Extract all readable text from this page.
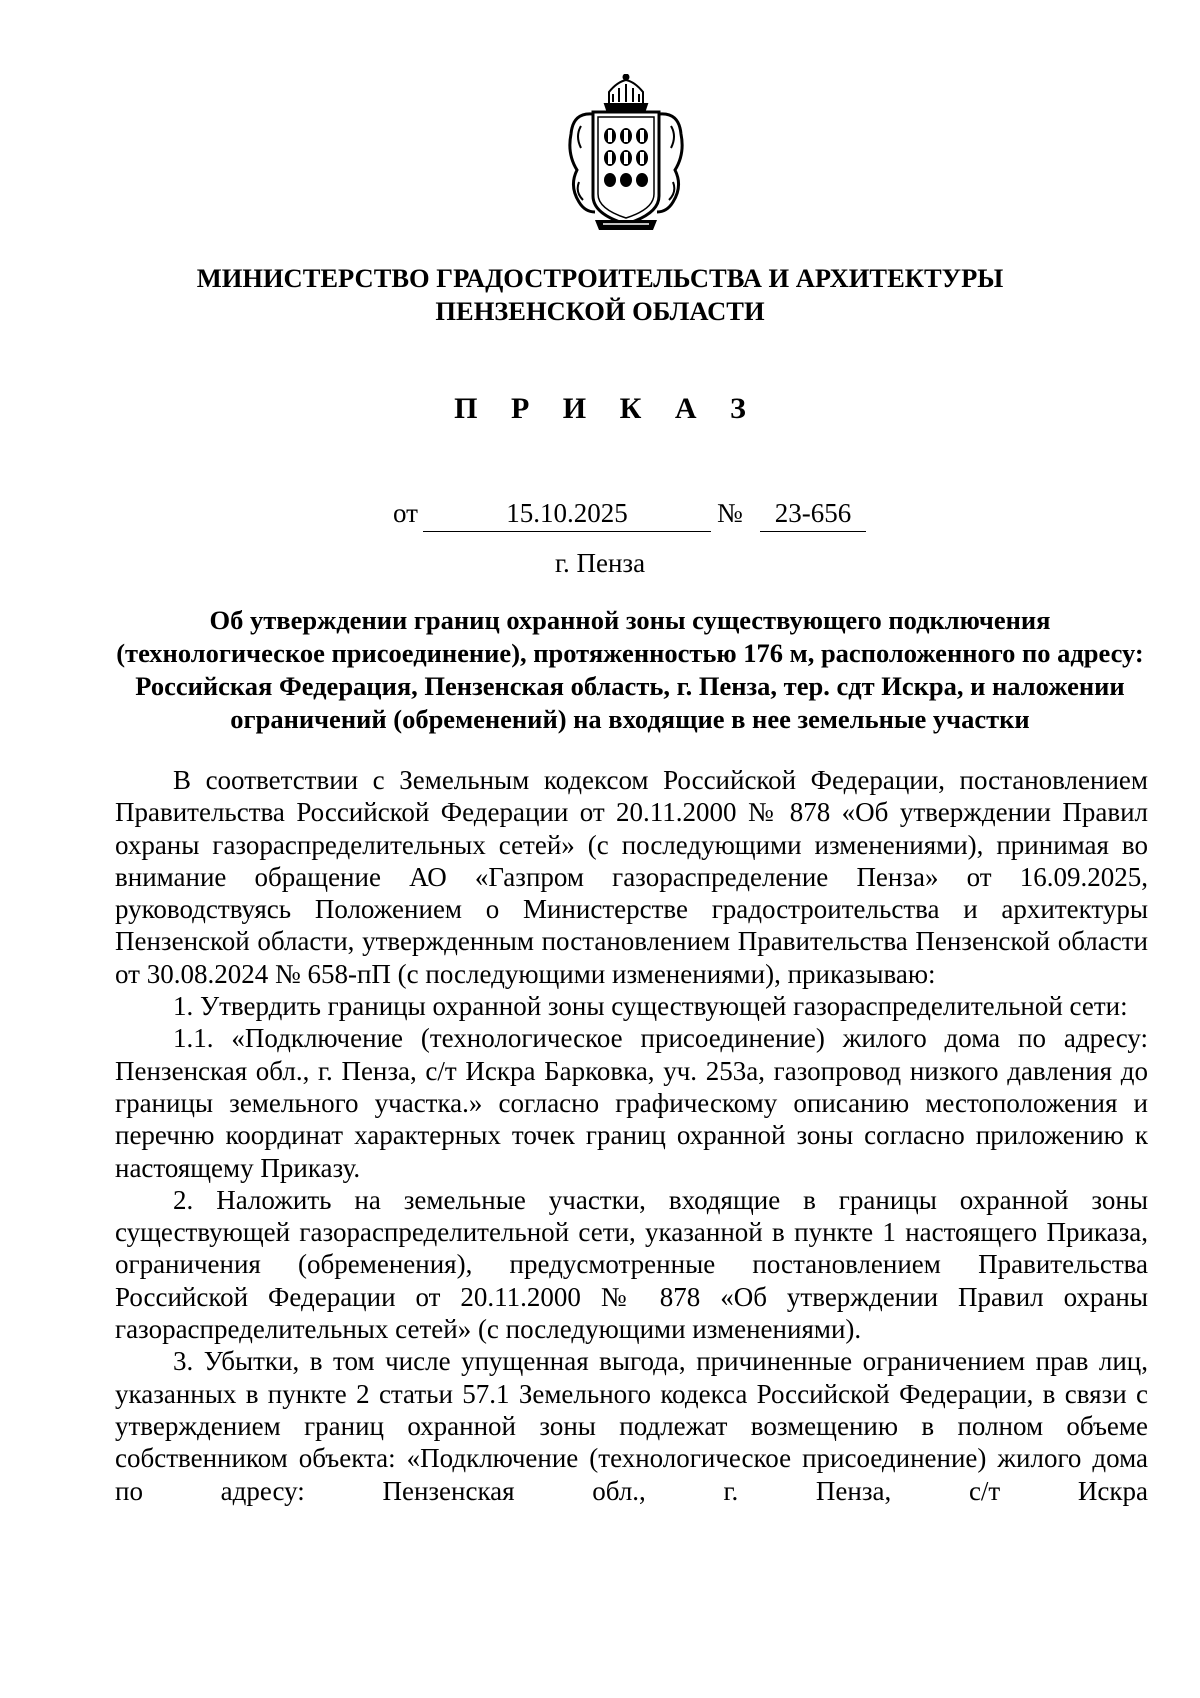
МИНИСТЕРСТВО ГРАДОСТРОИТЕЛЬСТВА И АРХИТЕКТУРЫ
ПЕНЗЕНСКОЙ ОБЛАСТИ
П Р И К А З
от	15.10.2025	№	23-656
г. Пенза
Об утверждении границ охранной зоны существующего подключения (технологическое присоединение), протяженностью 176 м, расположенного по адресу: Российская Федерация, Пензенская область, г. Пенза, тер. сдт Искра, и наложении ограничений (обременений) на входящие в нее земельные участки

В соответствии с Земельным кодексом Российской Федерации, постановлением Правительства Российской Федерации от 20.11.2000 № 878 «Об утверждении Правил охраны газораспределительных сетей» (с последующими изменениями), принимая во внимание обращение АО «Газпром газораспределение Пенза» от 16.09.2025, руководствуясь Положением о Министерстве градостроительства и архитектуры Пензенской области, утвержденным постановлением Правительства Пензенской области от 30.08.2024 № 658-пП (с последующими изменениями), приказываю:

1. Утвердить границы охранной зоны существующей газораспределительной сети:

1.1. «Подключение (технологическое присоединение) жилого дома по адресу: Пензенская обл., г. Пенза, с/т Искра Барковка, уч. 253а, газопровод низкого давления до границы земельного участка.» согласно графическому описанию местоположения и перечню координат характерных точек границ охранной зоны согласно приложению к настоящему Приказу.

2. Наложить на земельные участки, входящие в границы охранной зоны существующей газораспределительной сети, указанной в пункте 1 настоящего Приказа, ограничения (обременения), предусмотренные постановлением Правительства Российской Федерации от 20.11.2000 № 878 «Об утверждении Правил охраны газораспределительных сетей» (с последующими изменениями).

3. Убытки, в том числе упущенная выгода, причиненные ограничением прав лиц, указанных в пункте 2 статьи 57.1 Земельного кодекса Российской Федерации, в связи с утверждением границ охранной зоны подлежат возмещению в полном объеме собственником объекта: «Подключение (технологическое присоединение) жилого дома по адресу: Пензенская обл., г. Пенза, с/т Искра
